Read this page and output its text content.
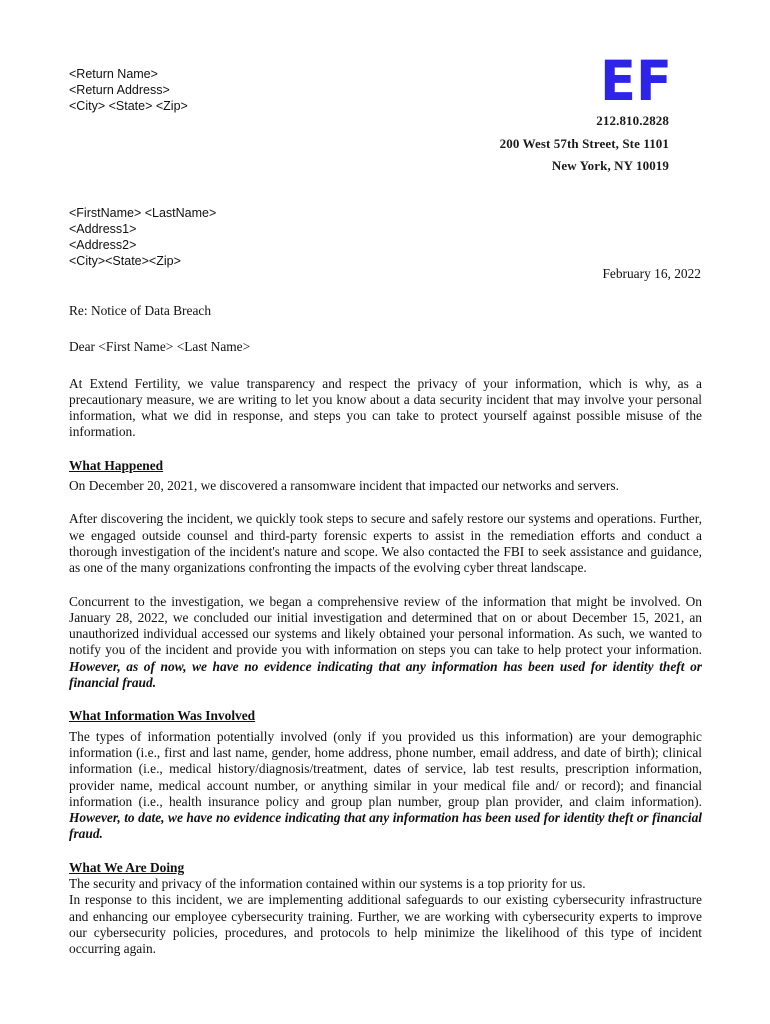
<Return Name>
<Return Address>
<City> <State> <Zip>	EF
212.810.2828
200 West 57th Street, Ste 1101
New York, NY 10019
<FirstName> <LastName>
<Address1>
<Address2>
<City><State><Zip>
February 16, 2022

Re: Notice of Data Breach

Dear <First Name> <Last Name>

At Extend Fertility, we value transparency and respect the privacy of your information, which is why, as a precautionary measure, we are writing to let you know about a data security incident that may involve your personal information, what we did in response, and steps you can take to protect yourself against possible misuse of the information.

What Happened

On December 20, 2021, we discovered a ransomware incident that impacted our networks and servers.

After discovering the incident, we quickly took steps to secure and safely restore our systems and operations. Further, we engaged outside counsel and third-party forensic experts to assist in the remediation efforts and conduct a thorough investigation of the incident's nature and scope. We also contacted the FBI to seek assistance and guidance, as one of the many organizations confronting the impacts of the evolving cyber threat landscape.

Concurrent to the investigation, we began a comprehensive review of the information that might be involved. On January 28, 2022, we concluded our initial investigation and determined that on or about December 15, 2021, an unauthorized individual accessed our systems and likely obtained your personal information. As such, we wanted to notify you of the incident and provide you with information on steps you can take to help protect your information. However, as of now, we have no evidence indicating that any information has been used for identity theft or financial fraud.

What Information Was Involved

The types of information potentially involved (only if you provided us this information) are your demographic information (i.e., first and last name, gender, home address, phone number, email address, and date of birth); clinical information (i.e., medical history/diagnosis/treatment, dates of service, lab test results, prescription information, provider name, medical account number, or anything similar in your medical file and/ or record); and financial information (i.e., health insurance policy and group plan number, group plan provider, and claim information). However, to date, we have no evidence indicating that any information has been used for identity theft or financial fraud.

What We Are Doing

The security and privacy of the information contained within our systems is a top priority for us.

In response to this incident, we are implementing additional safeguards to our existing cybersecurity infrastructure and enhancing our employee cybersecurity training. Further, we are working with cybersecurity experts to improve our cybersecurity policies, procedures, and protocols to help minimize the likelihood of this type of incident occurring again.
